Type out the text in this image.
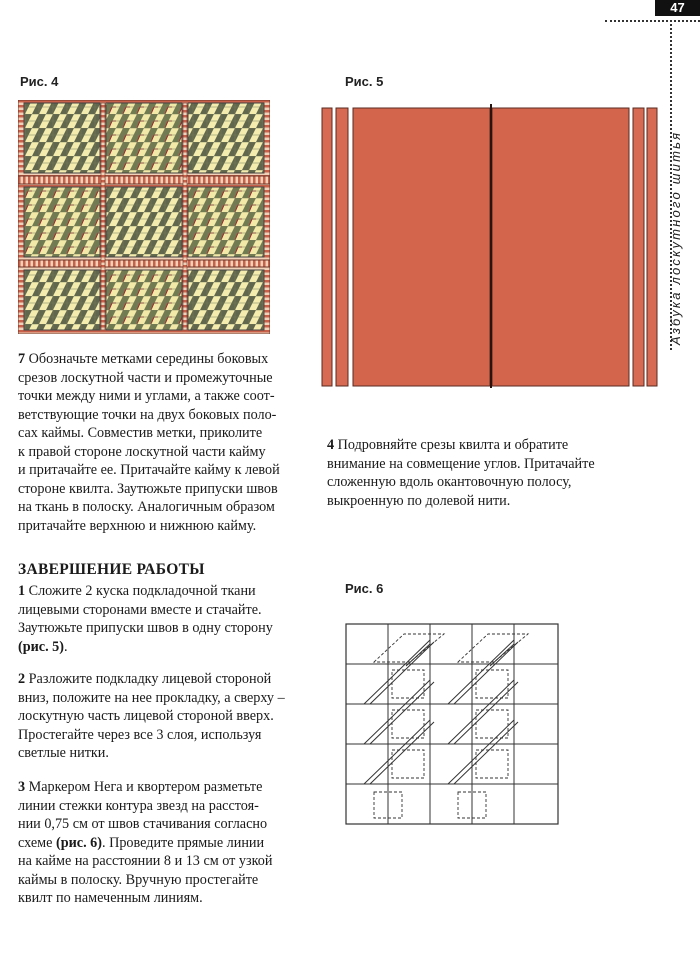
47
Азбука лоскутного шитья
Рис. 4	Рис. 5
7 Обозначьте метками середины боковых
срезов лоскутной части и промежуточные
точки между ними и углами, а также соот-
ветствующие точки на двух боковых поло-
сах каймы. Совместив метки, приколите
к правой стороне лоскутной части кайму
и притачайте ее. Притачайте кайму к левой
стороне квилта. Заутюжьте припуски швов
на ткань в полоску. Аналогичным образом
притачайте верхнюю и нижнюю кайму.
4 Подровняйте срезы квилта и обратите
внимание на совмещение углов. Притачайте
сложенную вдоль окантовочную полосу,
выкроенную по долевой нити.
ЗАВЕРШЕНИЕ РАБОТЫ
1 Сложите 2 куска подкладочной ткани
лицевыми сторонами вместе и стачайте.
Заутюжьте припуски швов в одну сторону
(рис. 5).
2 Разложите подкладку лицевой стороной
вниз, положите на нее прокладку, а сверху –
лоскутную часть лицевой стороной вверх.
Простегайте через все 3 слоя, используя
светлые нитки.
3 Маркером Нега и квортером разметьте
линии стежки контура звезд на расстоя-
нии 0,75 см от швов стачивания согласно
схеме (рис. 6). Проведите прямые линии
на кайме на расстоянии 8 и 13 см от узкой
каймы в полоску. Вручную простегайте
квилт по намеченным линиям.
Рис. 6
